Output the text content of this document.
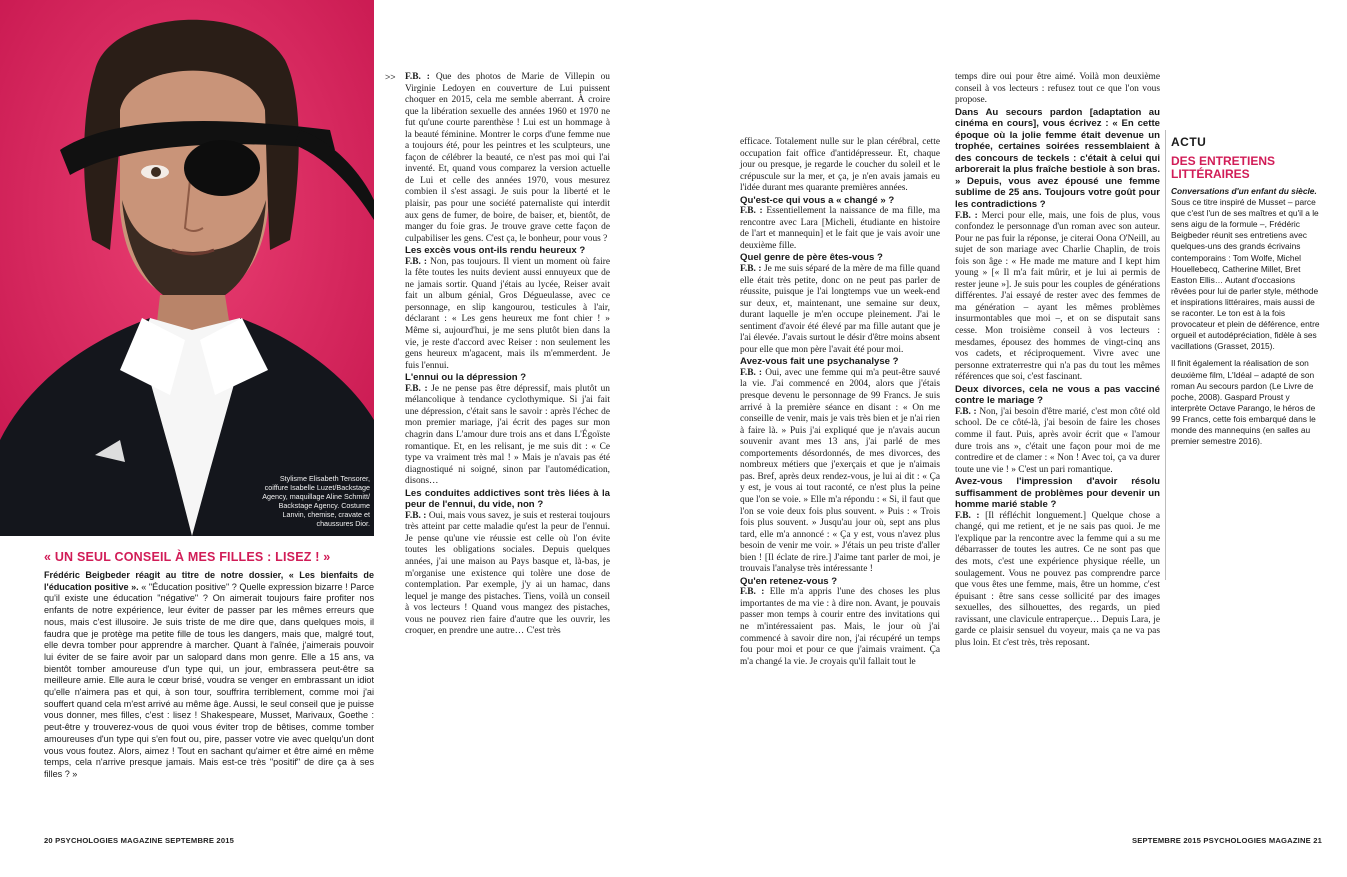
Stylisme Elisabeth Tensorer, coiffure Isabelle Luzet/Backstage Agency, maquillage Aline Schmitt/ Backstage Agency. Costume Lanvin, chemise, cravate et chaussures Dior.
« UN SEUL CONSEIL À MES FILLES : LISEZ ! »
Frédéric Beigbeder réagit au titre de notre dossier, « Les bienfaits de l'éducation positive ». « "Éducation positive" ? Quelle expression bizarre ! Parce qu'il existe une éducation "négative" ? On aimerait toujours faire profiter nos enfants de notre expérience, leur éviter de passer par les mêmes erreurs que nous, mais c'est illusoire. Je suis triste de me dire que, dans quelques mois, il faudra que je protège ma petite fille de tous les dangers, mais que, malgré tout, elle devra tomber pour apprendre à marcher. Quant à l'aînée, j'aimerais pouvoir lui éviter de se faire avoir par un salopard dans mon genre. Elle a 15 ans, va bientôt tomber amoureuse d'un type qui, un jour, embrassera peut-être sa meilleure amie. Elle aura le cœur brisé, voudra se venger en embrassant un idiot qu'elle n'aimera pas et qui, à son tour, souffrira terriblement, comme moi j'ai souffert quand cela m'est arrivé au même âge. Aussi, le seul conseil que je puisse vous donner, mes filles, c'est : lisez ! Shakespeare, Musset, Marivaux, Goethe : peut-être y trouverez-vous de quoi vous éviter trop de bêtises, comme tomber amoureuses d'un type qui s'en fout ou, pire, passer votre vie avec quelqu'un dont vous vous foutez. Alors, aimez ! Tout en sachant qu'aimer et être aimé en même temps, cela n'arrive presque jamais. Mais est-ce très "positif" de dire ça à ses filles ? »
>> F.B. : Que des photos de Marie de Villepin ou Virginie Ledoyen en couverture de Lui puissent choquer en 2015, cela me semble aberrant. À croire que la libération sexuelle des années 1960 et 1970 ne fut qu'une courte parenthèse ! Lui est un hommage à la beauté féminine. Montrer le corps d'une femme nue a toujours été, pour les peintres et les sculpteurs, une façon de célébrer la beauté, ce n'est pas moi qui l'ai inventé. Et, quand vous comparez la version actuelle de Lui et celle des années 1970, vous mesurez combien il s'est assagi. Je suis pour la liberté et le plaisir, pas pour une société paternaliste qui interdit aux gens de fumer, de boire, de baiser, et, bientôt, de manger du foie gras. Je trouve grave cette façon de culpabiliser les gens. C'est ça, le bonheur, pour vous ?

Les excès vous ont-ils rendu heureux ?

F.B. : Non, pas toujours. Il vient un moment où faire la fête toutes les nuits devient aussi ennuyeux que de ne jamais sortir. Quand j'étais au lycée, Reiser avait fait un album génial, Gros Dégueulasse, avec ce personnage, en slip kangourou, testicules à l'air, déclarant : « Les gens heureux me font chier ! » Même si, aujourd'hui, je me sens plutôt bien dans la vie, je reste d'accord avec Reiser : non seulement les gens heureux m'agacent, mais ils m'emmerdent. Je fuis l'ennui.

L'ennui ou la dépression ?

F.B. : Je ne pense pas être dépressif, mais plutôt un mélancolique à tendance cyclothymique. Si j'ai fait une dépression, c'était sans le savoir : après l'échec de mon premier mariage, j'ai écrit des pages sur mon chagrin dans L'amour dure trois ans et dans L'Égoïste romantique. Et, en les relisant, je me suis dit : « Ce type va vraiment très mal ! » Mais je n'avais pas été diagnostiqué ni soigné, sinon par l'automédication, disons…

Les conduites addictives sont très liées à la peur de l'ennui, du vide, non ?

F.B. : Oui, mais vous savez, je suis et resterai toujours très atteint par cette maladie qu'est la peur de l'ennui. Je pense qu'une vie réussie est celle où l'on évite toutes les obligations sociales. Depuis quelques années, j'ai une maison au Pays basque et, là-bas, je m'organise une existence qui tolère une dose de contemplation. Par exemple, j'y ai un hamac, dans lequel je mange des pistaches. Tiens, voilà un conseil à vos lecteurs ! Quand vous mangez des pistaches, vous ne pouvez rien faire d'autre que les ouvrir, les croquer, en prendre une autre… C'est très

efficace. Totalement nulle sur le plan cérébral, cette occupation fait office d'antidépresseur. Et, chaque jour ou presque, je regarde le coucher du soleil et le crépuscule sur la mer, et ça, je n'en avais jamais eu l'idée durant mes quarante premières années.

Qu'est-ce qui vous a « changé » ?

F.B. : Essentiellement la naissance de ma fille, ma rencontre avec Lara [Micheli, étudiante en histoire de l'art et mannequin] et le fait que je vais avoir une deuxième fille.

Quel genre de père êtes-vous ?

F.B. : Je me suis séparé de la mère de ma fille quand elle était très petite, donc on ne peut pas parler de réussite, puisque je l'ai longtemps vue un week-end sur deux, et, maintenant, une semaine sur deux, durant laquelle je m'en occupe pleinement. J'ai le sentiment d'avoir été élevé par ma fille autant que je l'ai élevée. J'avais surtout le désir d'être moins absent pour elle que mon père l'avait été pour moi.

Avez-vous fait une psychanalyse ?

F.B. : Oui, avec une femme qui m'a peut-être sauvé la vie. J'ai commencé en 2004, alors que j'étais presque devenu le personnage de 99 Francs. Je suis arrivé à la première séance en disant : « On me conseille de venir, mais je vais très bien et je n'ai rien à faire là. » Puis j'ai expliqué que je n'avais aucun souvenir avant mes 13 ans, j'ai parlé de mes comportements désordonnés, de mes divorces, des nombreux métiers que j'exerçais et que je n'aimais pas. Bref, après deux rendez-vous, je lui ai dit : « Ça y est, je vous ai tout raconté, ce n'est plus la peine que l'on se voie. » Elle m'a répondu : « Si, il faut que l'on se voie deux fois plus souvent. » Puis : « Trois fois plus souvent. » Jusqu'au jour où, sept ans plus tard, elle m'a annoncé : « Ça y est, vous n'avez plus besoin de venir me voir. » J'étais un peu triste d'aller bien ! [Il éclate de rire.] J'aime tant parler de moi, je trouvais l'analyse très intéressante !

Qu'en retenez-vous ?

F.B. : Elle m'a appris l'une des choses les plus importantes de ma vie : à dire non. Avant, je pouvais passer mon temps à courir entre des invitations qui ne m'intéressaient pas. Mais, le jour où j'ai commencé à savoir dire non, j'ai récupéré un temps fou pour moi et pour ce que j'aimais vraiment. Ça m'a changé la vie. Je croyais qu'il fallait tout le

temps dire oui pour être aimé. Voilà mon deuxième conseil à vos lecteurs : refusez tout ce que l'on vous propose.

Dans Au secours pardon [adaptation au cinéma en cours], vous écrivez : « En cette époque où la jolie femme était devenue un trophée, certaines soirées ressemblaient à des concours de teckels : c'était à celui qui arborerait la plus fraîche bestiole à son bras. » Depuis, vous avez épousé une femme sublime de 25 ans. Toujours votre goût pour les contradictions ?

F.B. : Merci pour elle, mais, une fois de plus, vous confondez le personnage d'un roman avec son auteur. Pour ne pas fuir la réponse, je citerai Oona O'Neill, au sujet de son mariage avec Charlie Chaplin, de trois fois son âge : « He made me mature and I kept him young » [« Il m'a fait mûrir, et je lui ai permis de rester jeune »]. Je suis pour les couples de générations différentes. J'ai essayé de rester avec des femmes de ma génération – ayant les mêmes problèmes insurmontables que moi –, et on se disputait sans cesse. Mon troisième conseil à vos lecteurs : mesdames, épousez des hommes de vingt-cinq ans vos cadets, et réciproquement. Vivre avec une personne extraterrestre qui n'a pas du tout les mêmes références que soi, c'est fascinant.

Deux divorces, cela ne vous a pas vacciné contre le mariage ?

F.B. : Non, j'ai besoin d'être marié, c'est mon côté old school. De ce côté-là, j'ai besoin de faire les choses comme il faut. Puis, après avoir écrit que « l'amour dure trois ans », c'était une façon pour moi de me contredire et de clamer : « Non ! Avec toi, ça va durer toute une vie ! » C'est un pari romantique.

Avez-vous l'impression d'avoir résolu suffisamment de problèmes pour devenir un homme marié stable ?

F.B. : [Il réfléchit longuement.] Quelque chose a changé, qui me retient, et je ne sais pas quoi. Je me l'explique par la rencontre avec la femme qui a su me débarrasser de toutes les autres. Ce ne sont pas que des mots, c'est une expérience physique réelle, un soulagement. Vous ne pouvez pas comprendre parce que vous êtes une femme, mais, être un homme, c'est épuisant : être sans cesse sollicité par des images sexuelles, des silhouettes, des regards, un pied ravissant, une clavicule entraperçue… Depuis Lara, je garde ce plaisir sensuel du voyeur, mais ça ne va pas plus loin. Et c'est très, très reposant.

ACTU
DES ENTRETIENS LITTÉRAIRES

Conversations d'un enfant du siècle. Sous ce titre inspiré de Musset – parce que c'est l'un de ses maîtres et qu'il a le sens aigu de la formule –, Frédéric Beigbeder réunit ses entretiens avec quelques-uns des grands écrivains contemporains : Tom Wolfe, Michel Houellebecq, Catherine Millet, Bret Easton Ellis… Autant d'occasions rêvées pour lui de parler style, méthode et inspirations littéraires, mais aussi de se raconter. Le ton est à la fois provocateur et plein de déférence, entre orgueil et autodépréciation, fidèle à ses vacillations (Grasset, 2015).

Il finit également la réalisation de son deuxième film, L'Idéal – adapté de son roman Au secours pardon (Le Livre de poche, 2008). Gaspard Proust y interprète Octave Parango, le héros de 99 Francs, cette fois embarqué dans le monde des mannequins (en salles au premier semestre 2016).

20 PSYCHOLOGIES MAGAZINE SEPTEMBRE 2015	SEPTEMBRE 2015 PSYCHOLOGIES MAGAZINE 21
